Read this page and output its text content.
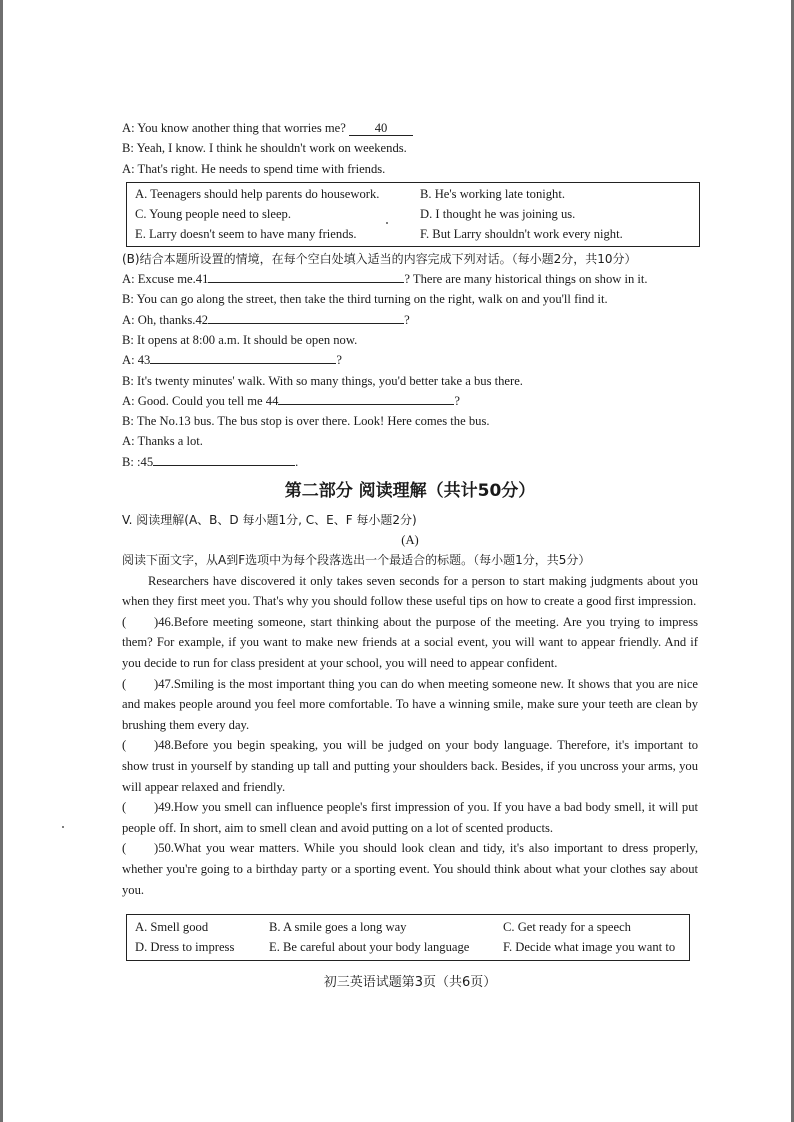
A: You know another thing that worries me? 40
B: Yeah, I know. I think he shouldn't work on weekends.
A: That's right. He needs to spend time with friends.
A. Teenagers should help parents do housework.	B. He's working late tonight.
C. Young people need to sleep.	D. I thought he was joining us.
E. Larry doesn't seem to have many friends.	F. But Larry shouldn't work every night.
(B)结合本题所设置的情境，在每个空白处填入适当的内容完成下列对话。（每小题2分，共10分）
A: Excuse me.41	? There are many historical things on show in it.
B: You can go along the street, then take the third turning on the right, walk on and you'll find it.
A: Oh, thanks.42	?
B: It opens at 8:00 a.m. It should be open now.
A: 43	?
B: It's twenty minutes' walk. With so many things, you'd better take a bus there.
A: Good. Could you tell me 44	?
B: The No.13 bus. The bus stop is over there. Look! Here comes the bus.
A: Thanks a lot.
B: :45	.
第二部分 阅读理解（共计50分）
V. 阅读理解(A、B、D 每小题1分, C、E、F 每小题2分)
(A)
阅读下面文字，从A到F选项中为每个段落选出一个最适合的标题。（每小题1分，共5分）
Researchers have discovered it only takes seven seconds for a person to start making judgments about you when they first meet you. That's why you should follow these useful tips on how to create a good first impression.
( )46.Before meeting someone, start thinking about the purpose of the meeting. Are you trying to impress them? For example, if you want to make new friends at a social event, you will want to appear friendly. And if you decide to run for class president at your school, you will need to appear confident.
( )47.Smiling is the most important thing you can do when meeting someone new. It shows that you are nice and makes people around you feel more comfortable. To have a winning smile, make sure your teeth are clean by brushing them every day.
( )48.Before you begin speaking, you will be judged on your body language. Therefore, it's important to show trust in yourself by standing up tall and putting your shoulders back. Besides, if you uncross your arms, you will appear relaxed and friendly.
( )49.How you smell can influence people's first impression of you. If you have a bad body smell, it will put people off. In short, aim to smell clean and avoid putting on a lot of scented products.
( )50.What you wear matters. While you should look clean and tidy, it's also important to dress properly, whether you're going to a birthday party or a sporting event. You should think about what your clothes say about you.
A. Smell good	B. A smile goes a long way	C. Get ready for a speech
D. Dress to impress	E. Be careful about your body language	F. Decide what image you want to
初三英语试题第3页（共6页）
